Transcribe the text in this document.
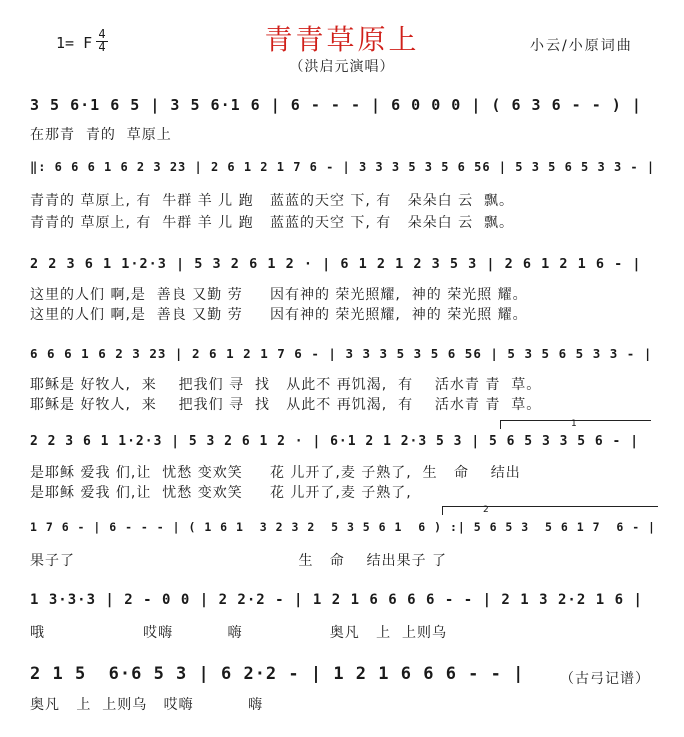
青青草原上
（洪启元演唱）
1= F 4
4	小云/小原词曲
3 5 6·1 6 5 | 3 5 6·1 6 | 6 - - - | 6 0 0 0 | ( 6 3 6 - - ) |
在那青  青的  草原上
‖: 6 6 6 1 6 2 3 23 | 2 6 1 2 1 7 6 - | 3 3 3 5 3 5 6 56 | 5 3 5 6 5 3 3 - |
青青的 草原上, 有  牛群 羊 儿 跑   蓝蓝的天空 下, 有   朵朵白 云  飘。
青青的 草原上, 有  牛群 羊 儿 跑   蓝蓝的天空 下, 有   朵朵白 云  飘。
2 2 3 6 1 1·2·3 | 5 3 2 6 1 2 · | 6 1 2 1 2 3 5 3 | 2 6 1 2 1 6 - |
这里的人们 啊,是  善良 又勤 劳     因有神的 荣光照耀,  神的 荣光照 耀。
这里的人们 啊,是  善良 又勤 劳     因有神的 荣光照耀,  神的 荣光照 耀。
6 6 6 1 6 2 3 23 | 2 6 1 2 1 7 6 - | 3 3 3 5 3 5 6 56 | 5 3 5 6 5 3 3 - |
耶稣是 好牧人,  来    把我们 寻  找   从此不 再饥渴,  有    活水青 青  草。
耶稣是 好牧人,  来    把我们 寻  找   从此不 再饥渴,  有    活水青 青  草。
1
2 2 3 6 1 1·2·3 | 5 3 2 6 1 2 · | 6·1 2 1 2·3 5 3 | 5 6 5 3 3 5 6 - |
是耶稣 爱我 们,让  忧愁 变欢笑     花 儿开了,麦 子熟了,  生   命    结出
是耶稣 爱我 们,让  忧愁 变欢笑     花 儿开了,麦 子熟了,
2
1 7 6 - | 6 - - - | ( 1 6 1  3 2 3 2  5 3 5 6 1  6 ) :| 5 6 5 3  5 6 1 7  6 - |
果子了                                         生   命    结出果子 了
1 3·3·3 | 2 - 0 0 | 2 2·2 - | 1 2 1 6 6 6 6 - - | 2 1 3 2·2 1 6 |
哦                  哎嗨          嗨                奥凡   上  上则乌
2 1 5  6·6 5 3 | 6 2·2 - | 1 2 1 6 6 6 - - |
奥凡   上  上则乌   哎嗨          嗨
（古弓记谱）
